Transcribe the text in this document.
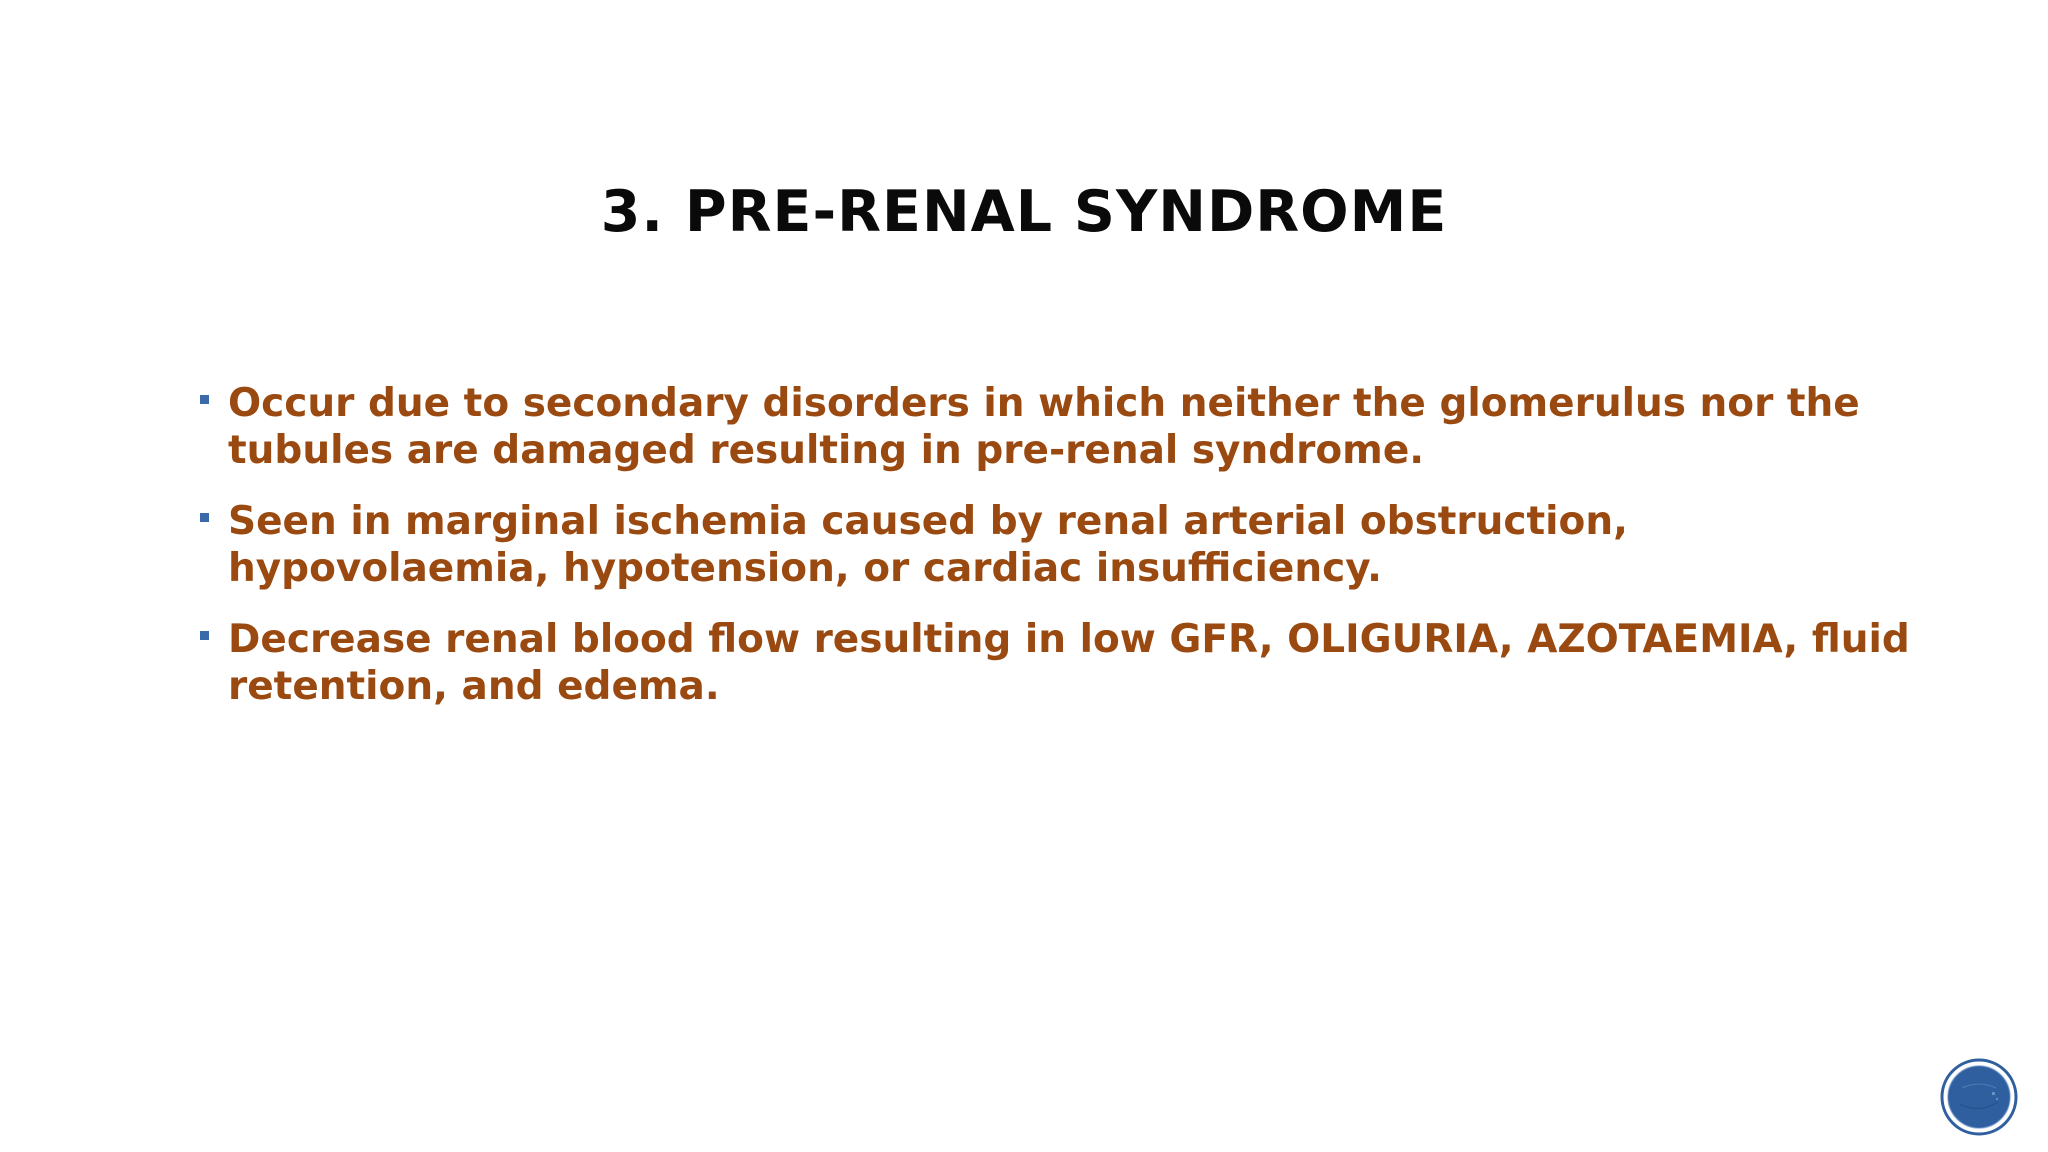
3. PRE-RENAL SYNDROME
Occur due to secondary disorders in which neither the glomerulus nor the tubules are damaged resulting in pre-renal syndrome.
Seen in marginal ischemia caused by renal arterial obstruction, hypovolaemia, hypotension, or cardiac insufficiency.
Decrease renal blood flow resulting in low GFR, OLIGURIA, AZOTAEMIA, fluid retention, and edema.
